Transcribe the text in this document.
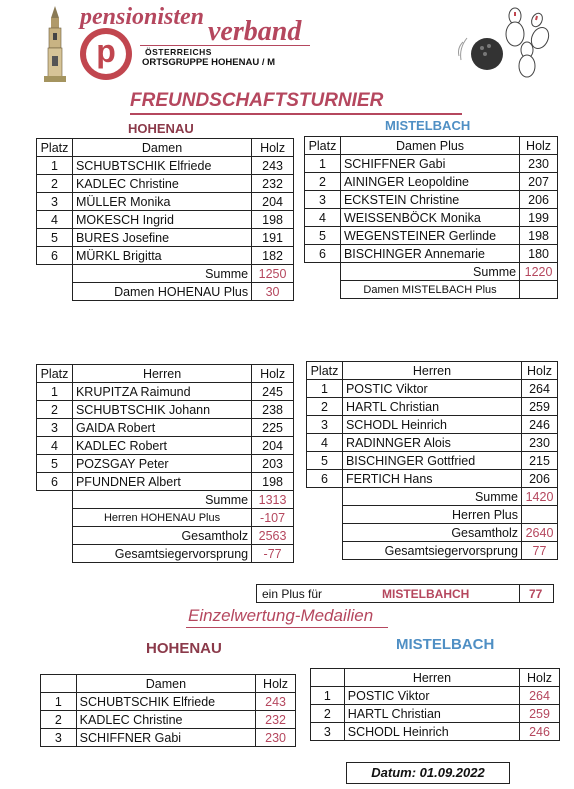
p
pensionisten verband
ÖSTERREICHS
ORTSGRUPPE HOHENAU / M
FREUNDSCHAFTSTURNIER
HOHENAU	MISTELBACH
Platz	Damen	Holz
1	SCHUBTSCHIK Elfriede	243
2	KADLEC Christine	232
3	MÜLLER Monika	204
4	MOKESCH Ingrid	198
5	BURES Josefine	191
6	MÜRKL Brigitta	182
	Summe	1250
	Damen HOHENAU Plus	30
Platz	Damen Plus	Holz
1	SCHIFFNER Gabi	230
2	AININGER Leopoldine	207
3	ECKSTEIN Christine	206
4	WEISSENBÖCK Monika	199
5	WEGENSTEINER Gerlinde	198
6	BISCHINGER Annemarie	180
	Summe	1220
	Damen MISTELBACH Plus	
Platz	Herren	Holz
1	KRUPITZA Raimund	245
2	SCHUBTSCHIK Johann	238
3	GAIDA Robert	225
4	KADLEC Robert	204
5	POZSGAY Peter	203
6	PFUNDNER Albert	198
	Summe	1313
	Herren HOHENAU Plus	-107
	Gesamtholz	2563
	Gesamtsiegervorsprung	-77
Platz	Herren	Holz
1	POSTIC Viktor	264
2	HARTL Christian	259
3	SCHODL Heinrich	246
4	RADINNGER Alois	230
5	BISCHINGER Gottfried	215
6	FERTICH Hans	206
	Summe	1420
	Herren Plus	
	Gesamtholz	2640
	Gesamtsiegervorsprung	77
ein Plus für	MISTELBAHCH	77
Einzelwertung-Medailien
HOHENAU	MISTELBACH
	Damen	Holz
1	SCHUBTSCHIK Elfriede	243
2	KADLEC Christine	232
3	SCHIFFNER Gabi	230
	Herren	Holz
1	POSTIC Viktor	264
2	HARTL Christian	259
3	SCHODL Heinrich	246
Datum: 01.09.2022
